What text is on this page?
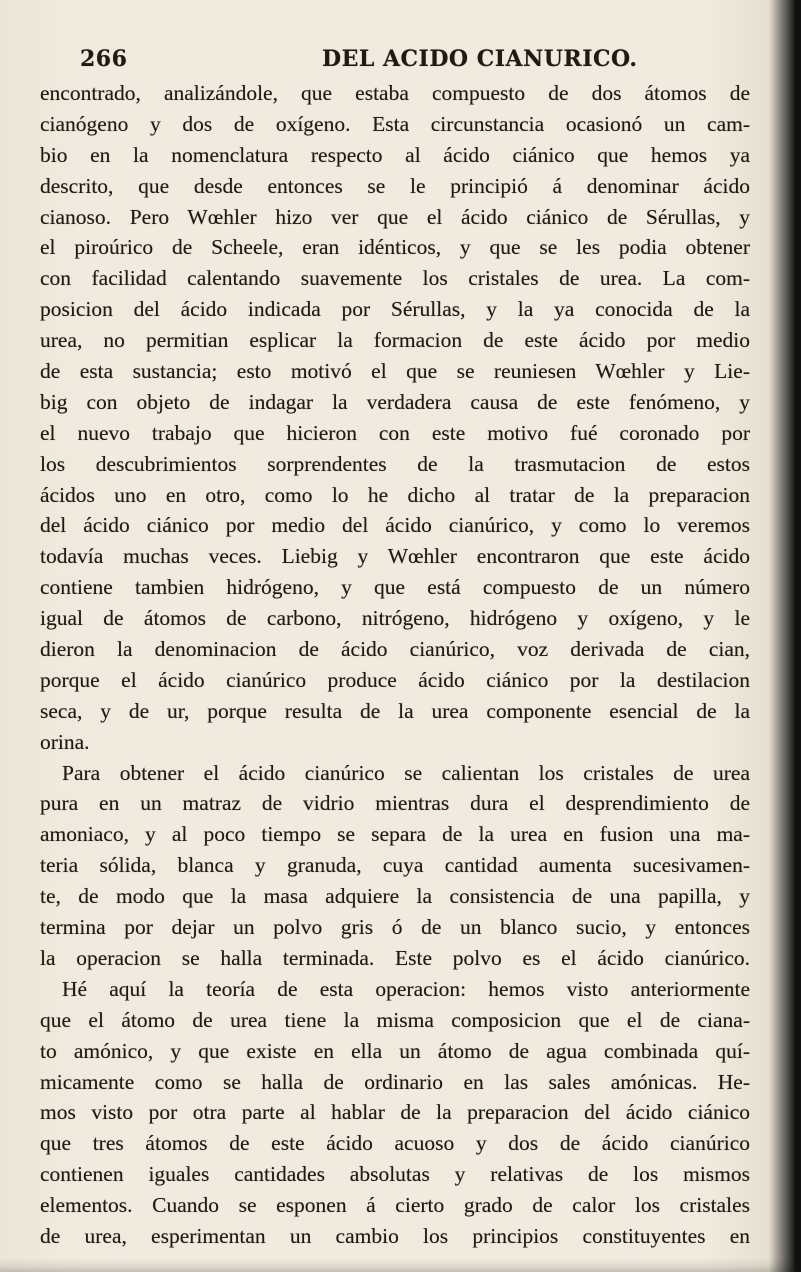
266	DEL ACIDO CIANURICO.
encontrado, analizándole, que estaba compuesto de dos átomos de
cianógeno y dos de oxígeno. Esta circunstancia ocasionó un cam-
bio en la nomenclatura respecto al ácido ciánico que hemos ya
descrito, que desde entonces se le principió á denominar ácido
cianoso. Pero Wœhler hizo ver que el ácido ciánico de Sérullas, y
el piroúrico de Scheele, eran idénticos, y que se les podia obtener
con facilidad calentando suavemente los cristales de urea. La com-
posicion del ácido indicada por Sérullas, y la ya conocida de la
urea, no permitian esplicar la formacion de este ácido por medio
de esta sustancia; esto motivó el que se reuniesen Wœhler y Lie-
big con objeto de indagar la verdadera causa de este fenómeno, y
el nuevo trabajo que hicieron con este motivo fué coronado por
los descubrimientos sorprendentes de la trasmutacion de estos
ácidos uno en otro, como lo he dicho al tratar de la preparacion
del ácido ciánico por medio del ácido cianúrico, y como lo veremos
todavía muchas veces. Liebig y Wœhler encontraron que este ácido
contiene tambien hidrógeno, y que está compuesto de un número
igual de átomos de carbono, nitrógeno, hidrógeno y oxígeno, y le
dieron la denominacion de ácido cianúrico, voz derivada de cian,
porque el ácido cianúrico produce ácido ciánico por la destilacion
seca, y de ur, porque resulta de la urea componente esencial de la
orina.
Para obtener el ácido cianúrico se calientan los cristales de urea
pura en un matraz de vidrio mientras dura el desprendimiento de
amoniaco, y al poco tiempo se separa de la urea en fusion una ma-
teria sólida, blanca y granuda, cuya cantidad aumenta sucesivamen-
te, de modo que la masa adquiere la consistencia de una papilla, y
termina por dejar un polvo gris ó de un blanco sucio, y entonces
la operacion se halla terminada. Este polvo es el ácido cianúrico.
Hé aquí la teoría de esta operacion: hemos visto anteriormente
que el átomo de urea tiene la misma composicion que el de ciana-
to amónico, y que existe en ella un átomo de agua combinada quí-
micamente como se halla de ordinario en las sales amónicas. He-
mos visto por otra parte al hablar de la preparacion del ácido ciánico
que tres átomos de este ácido acuoso y dos de ácido cianúrico
contienen iguales cantidades absolutas y relativas de los mismos
elementos. Cuando se esponen á cierto grado de calor los cristales
de urea, esperimentan un cambio los principios constituyentes en
